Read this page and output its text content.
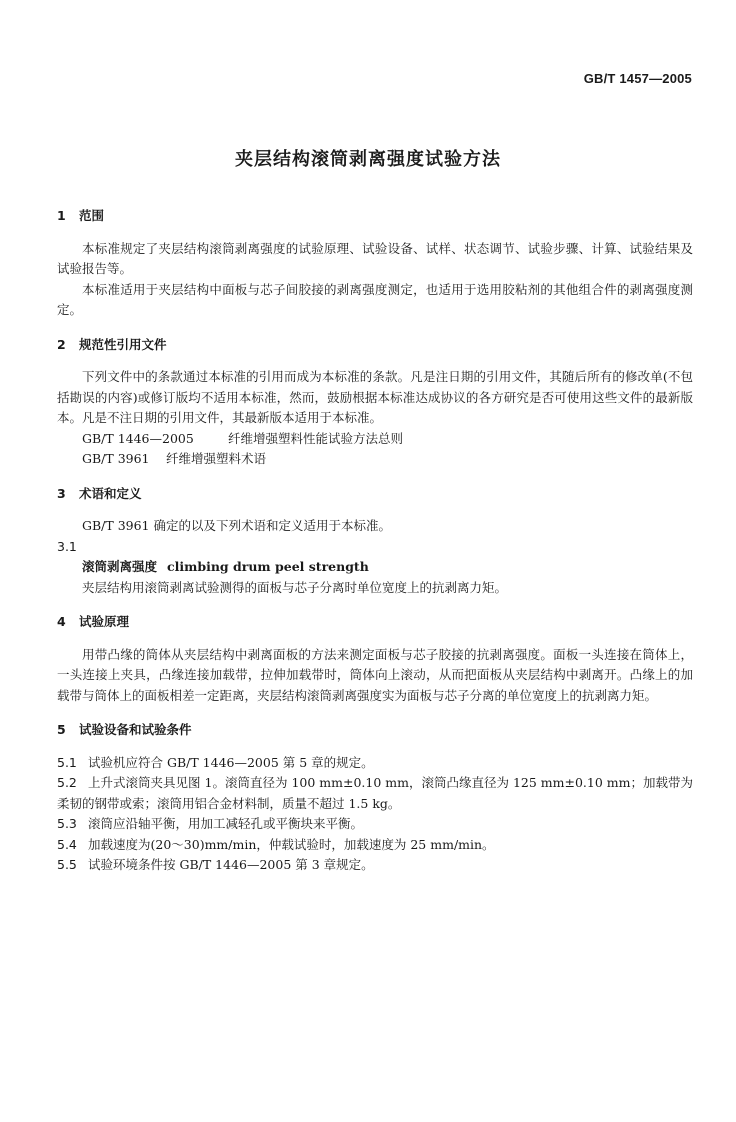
GB/T 1457—2005
夹层结构滚筒剥离强度试验方法
1 范围

本标准规定了夹层结构滚筒剥离强度的试验原理、试验设备、试样、状态调节、试验步骤、计算、试验结果及试验报告等。

本标准适用于夹层结构中面板与芯子间胶接的剥离强度测定，也适用于选用胶粘剂的其他组合件的剥离强度测定。

2 规范性引用文件

下列文件中的条款通过本标准的引用而成为本标准的条款。凡是注日期的引用文件，其随后所有的修改单(不包括勘误的内容)或修订版均不适用本标准，然而，鼓励根据本标准达成协议的各方研究是否可使用这些文件的最新版本。凡是不注日期的引用文件，其最新版本适用于本标准。

GB/T 1446—2005	纤维增强塑料性能试验方法总则

GB/T 3961 纤维增强塑料术语

3 术语和定义

GB/T 3961 确定的以及下列术语和定义适用于本标准。

3.1

滚筒剥离强度 climbing drum peel strength

夹层结构用滚筒剥离试验测得的面板与芯子分离时单位宽度上的抗剥离力矩。

4 试验原理

用带凸缘的筒体从夹层结构中剥离面板的方法来测定面板与芯子胶接的抗剥离强度。面板一头连接在筒体上，一头连接上夹具，凸缘连接加载带，拉伸加载带时，筒体向上滚动，从而把面板从夹层结构中剥离开。凸缘上的加载带与筒体上的面板相差一定距离，夹层结构滚筒剥离强度实为面板与芯子分离的单位宽度上的抗剥离力矩。

5 试验设备和试验条件

5.1 试验机应符合 GB/T 1446—2005 第 5 章的规定。

5.2 上升式滚筒夹具见图 1。滚筒直径为 100 mm±0.10 mm，滚筒凸缘直径为 125 mm±0.10 mm；加载带为柔韧的钢带或索；滚筒用铝合金材料制，质量不超过 1.5 kg。

5.3 滚筒应沿轴平衡，用加工减轻孔或平衡块来平衡。

5.4 加载速度为(20～30)mm/min，仲载试验时，加载速度为 25 mm/min。

5.5 试验环境条件按 GB/T 1446—2005 第 3 章规定。
